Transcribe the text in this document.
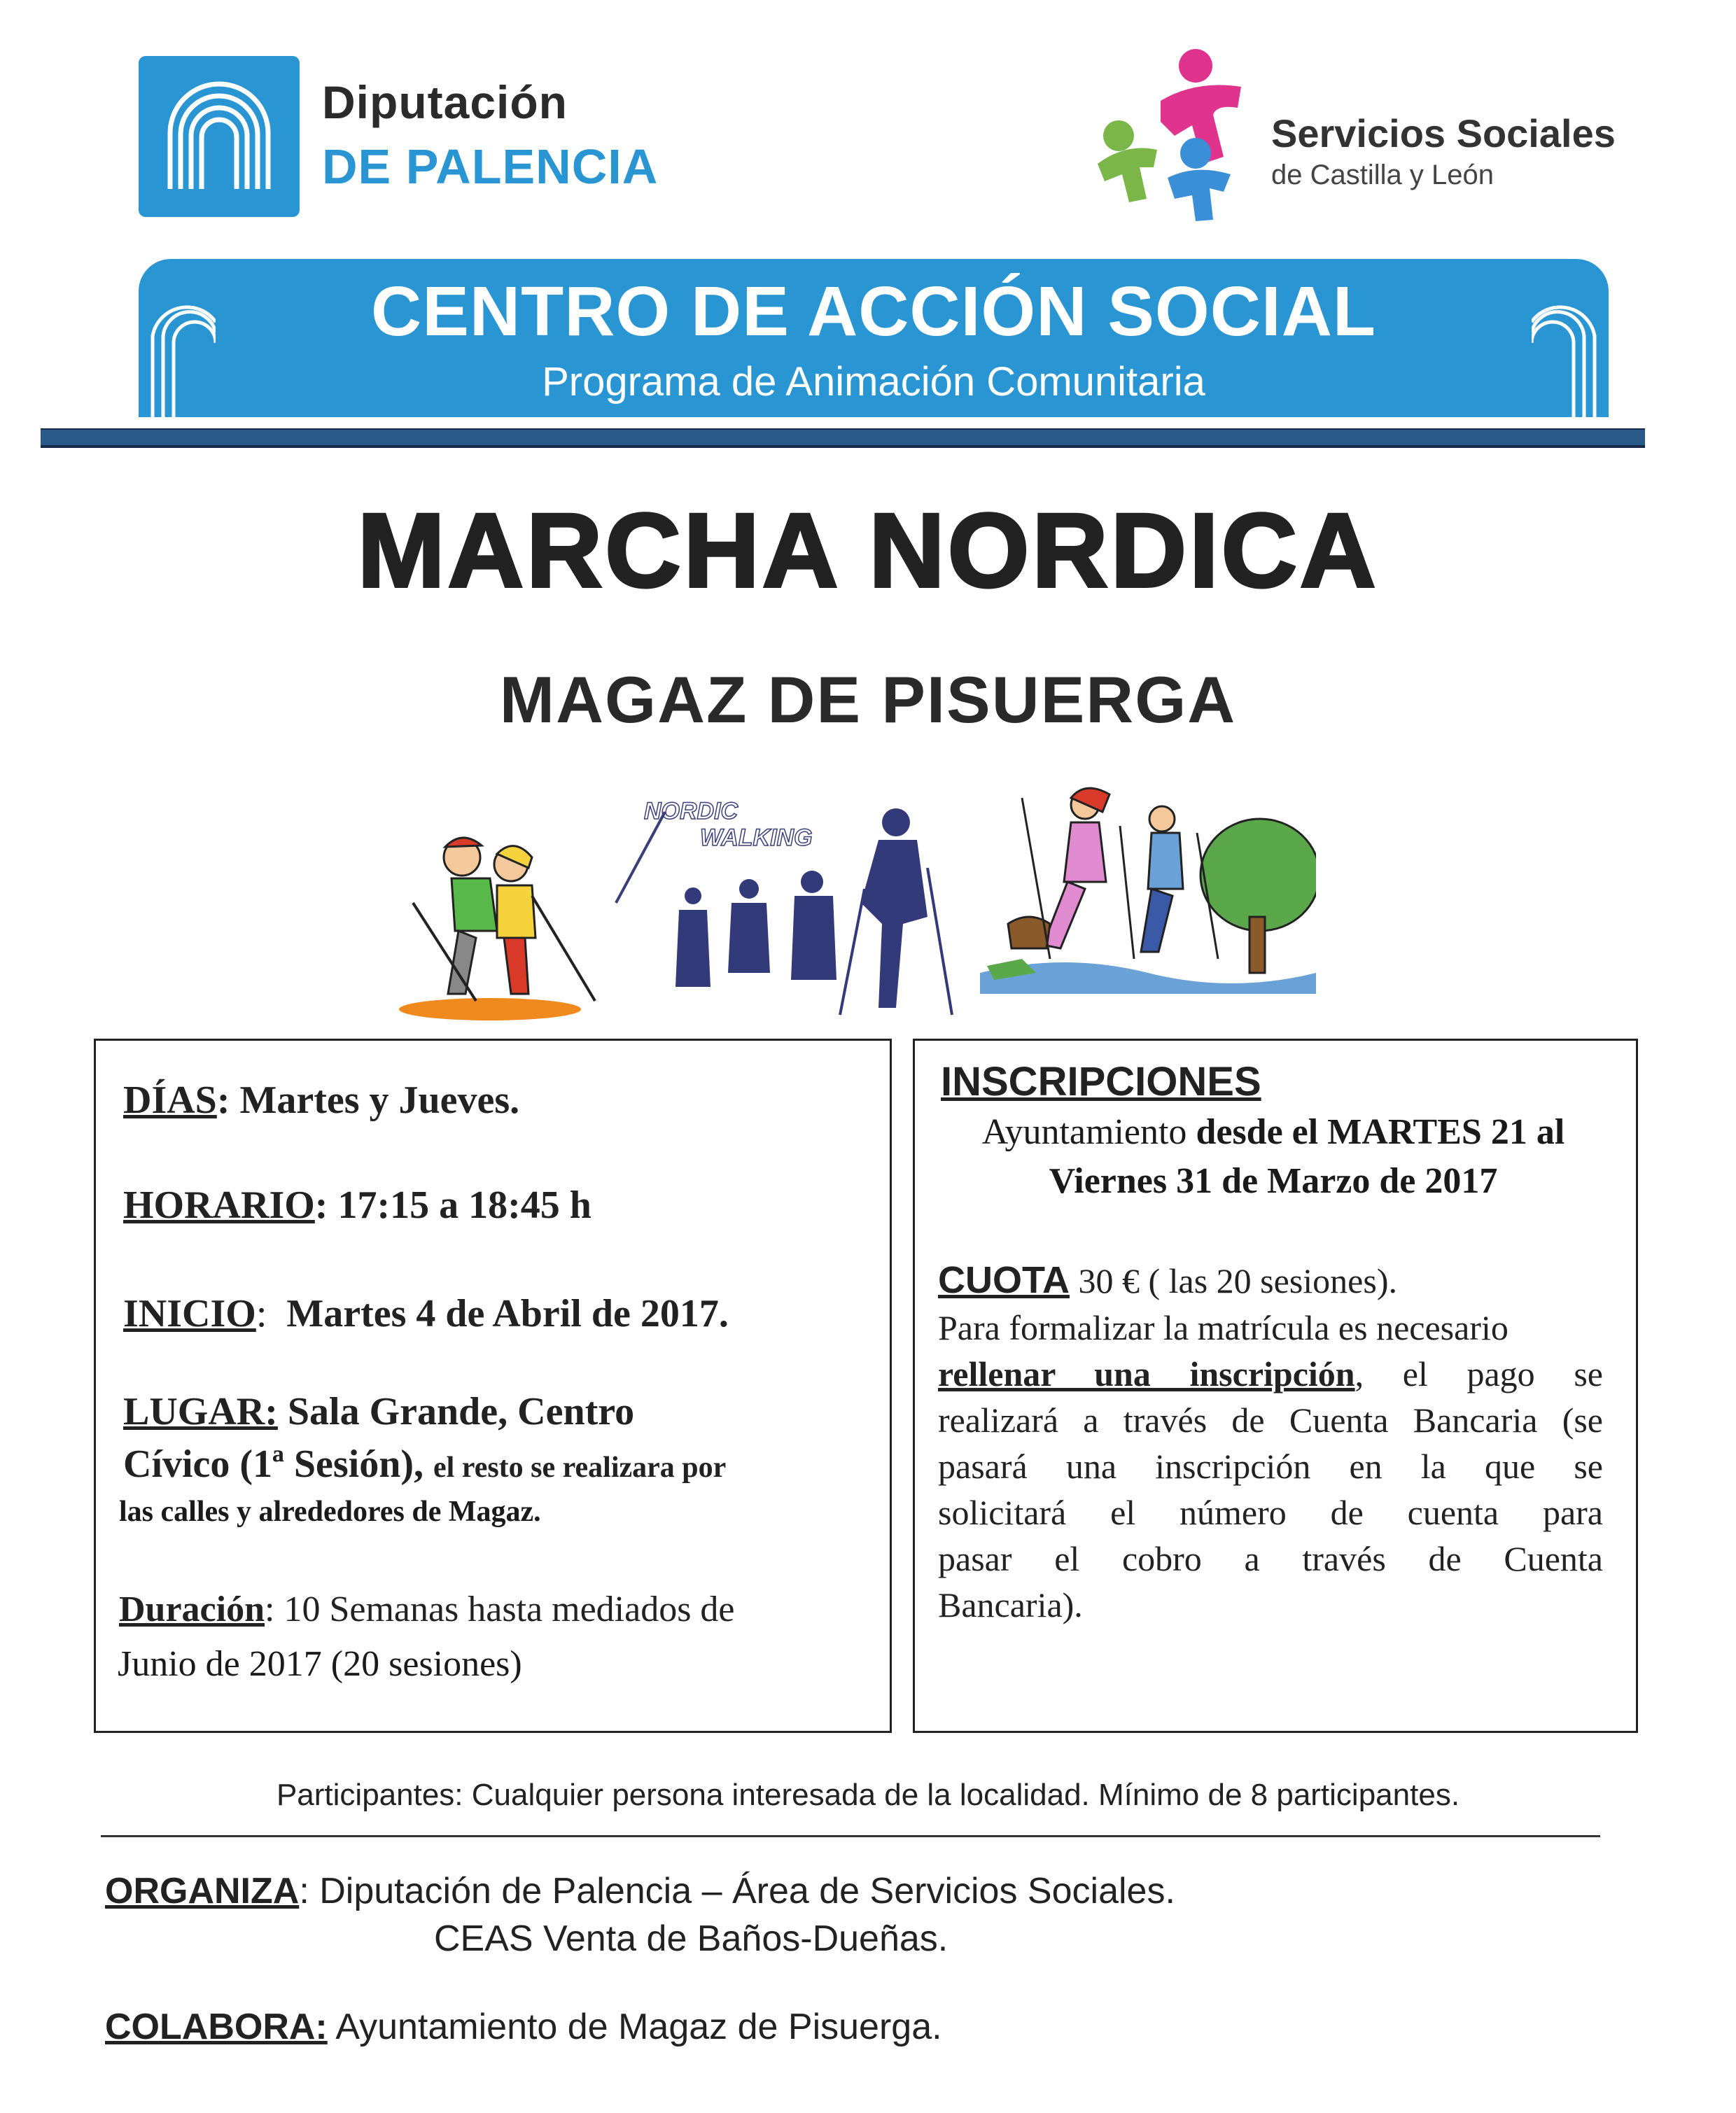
Diputación
DE PALENCIA
Servicios Sociales
de Castilla y León
CENTRO DE ACCIÓN SOCIAL
Programa de Animación Comunitaria
MARCHA NORDICA
MAGAZ DE PISUERGA
NORDIC
WALKING
DÍAS: Martes y Jueves.
HORARIO: 17:15 a 18:45 h
INICIO:  Martes 4 de Abril de 2017.
LUGAR: Sala Grande, Centro
Cívico (1ª Sesión), el resto se realizara por
las calles y alrededores de Magaz.
Duración: 10 Semanas hasta mediados de
Junio de 2017 (20 sesiones)
INSCRIPCIONES
Ayuntamiento desde el MARTES 21 al
Viernes 31 de Marzo de 2017
CUOTA 30 € ( las 20 sesiones).
Para formalizar la matrícula es necesario
rellenar una inscripción, el pago se
realizará a través de Cuenta Bancaria (se
pasará una inscripción en la que se
solicitará el número de cuenta para
pasar el cobro a través de Cuenta
Bancaria).
Participantes: Cualquier persona interesada de la localidad. Mínimo de 8 participantes.
ORGANIZA: Diputación de Palencia – Área de Servicios Sociales.
CEAS Venta de Baños-Dueñas.
COLABORA: Ayuntamiento de Magaz de Pisuerga.
